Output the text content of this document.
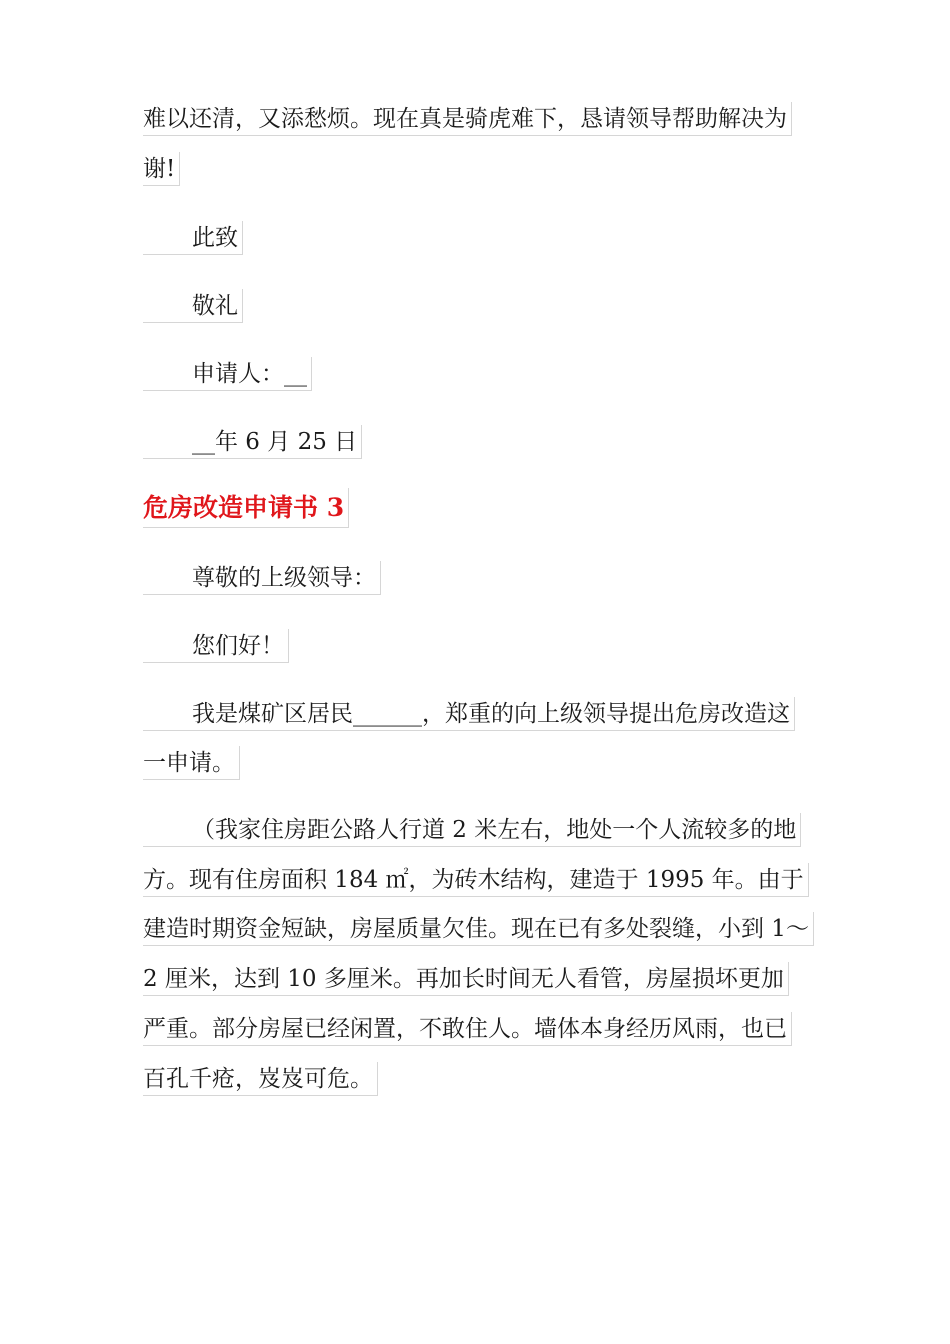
难以还清，又添愁烦。现在真是骑虎难下，恳请领导帮助解决为
谢!
此致
敬礼
申请人：__
__年 6 月 25 日
危房改造申请书 3
尊敬的上级领导：
您们好！
我是煤矿区居民______，郑重的向上级领导提出危房改造这
一申请。
（我家住房距公路人行道 2 米左右，地处一个人流较多的地
方。现有住房面积 184 ㎡，为砖木结构，建造于 1995 年。由于
建造时期资金短缺，房屋质量欠佳。现在已有多处裂缝，小到 1～
2 厘米，达到 10 多厘米。再加长时间无人看管，房屋损坏更加
严重。部分房屋已经闲置，不敢住人。墙体本身经历风雨，也已
百孔千疮，岌岌可危。
